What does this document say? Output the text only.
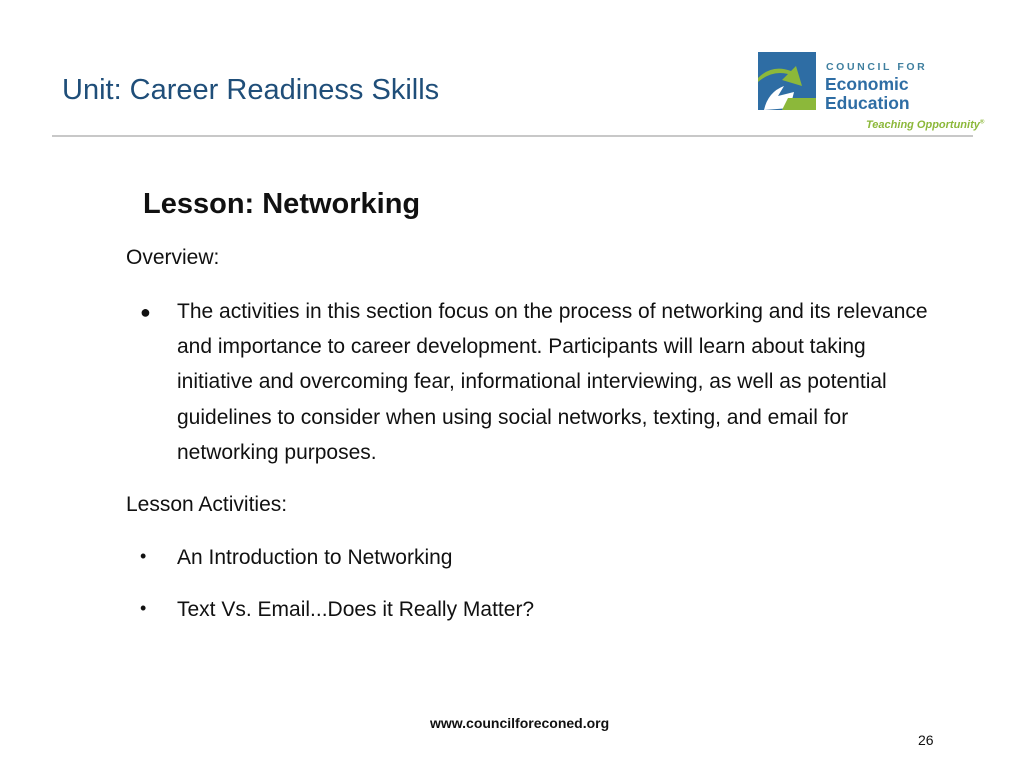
Unit: Career Readiness Skills
COUNCIL FOR
Economic
Education
Teaching Opportunity®
Lesson: Networking
Overview:
● The activities in this section focus on the process of networking and its relevance and importance to career development. Participants will learn about taking initiative and overcoming fear, informational interviewing, as well as potential guidelines to consider when using social networks, texting, and email for networking purposes.
Lesson Activities:
• An Introduction to Networking
• Text Vs. Email...Does it Really Matter?
www.councilforeconed.org
26
